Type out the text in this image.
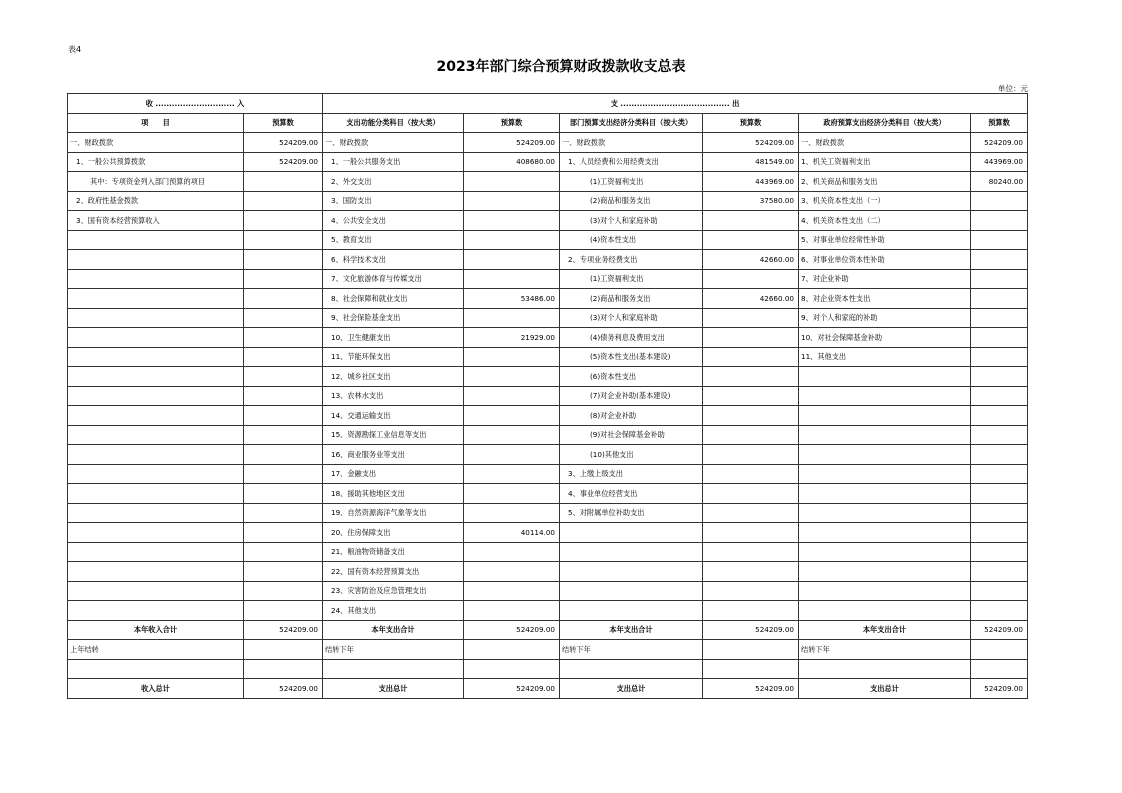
表4
2023年部门综合预算财政拨款收支总表
单位：元
收 ............................. 入		支 ........................................ 出					
项　　目	预算数	支出功能分类科目（按大类）	预算数	部门预算支出经济分类科目（按大类）	预算数	政府预算支出经济分类科目（按大类）	预算数
一、财政拨款	524209.00	一、财政拨款	524209.00	一、财政拨款	524209.00	一、财政拨款	524209.00
1、一般公共预算拨款	524209.00	1、一般公共服务支出	408680.00	1、人员经费和公用经费支出	481549.00	1、机关工资福利支出	443969.00
其中：专项资金列入部门预算的项目		2、外交支出		(1)工资福利支出	443969.00	2、机关商品和服务支出	80240.00
2、政府性基金拨款		3、国防支出		(2)商品和服务支出	37580.00	3、机关资本性支出（一）	
3、国有资本经营预算收入		4、公共安全支出		(3)对个人和家庭补助		4、机关资本性支出（二）	
		5、教育支出		(4)资本性支出		5、对事业单位经常性补助	
		6、科学技术支出		2、专项业务经费支出	42660.00	6、对事业单位资本性补助	
		7、文化旅游体育与传媒支出		(1)工资福利支出		7、对企业补助	
		8、社会保障和就业支出	53486.00	(2)商品和服务支出	42660.00	8、对企业资本性支出	
		9、社会保险基金支出		(3)对个人和家庭补助		9、对个人和家庭的补助	
		10、卫生健康支出	21929.00	(4)债务利息及费用支出		10、对社会保障基金补助	
		11、节能环保支出		(5)资本性支出(基本建设)		11、其他支出	
		12、城乡社区支出		(6)资本性支出			
		13、农林水支出		(7)对企业补助(基本建设)			
		14、交通运输支出		(8)对企业补助			
		15、资源勘探工业信息等支出		(9)对社会保障基金补助			
		16、商业服务业等支出		(10)其他支出			
		17、金融支出		3、上缴上级支出			
		18、援助其他地区支出		4、事业单位经营支出			
		19、自然资源海洋气象等支出		5、对附属单位补助支出			
		20、住房保障支出	40114.00				
		21、粮油物资储备支出					
		22、国有资本经营预算支出					
		23、灾害防治及应急管理支出					
		24、其他支出					
本年收入合计	524209.00	本年支出合计	524209.00	本年支出合计	524209.00	本年支出合计	524209.00
上年结转		结转下年		结转下年		结转下年	

收入总计	524209.00	支出总计	524209.00	支出总计	524209.00	支出总计	524209.00
